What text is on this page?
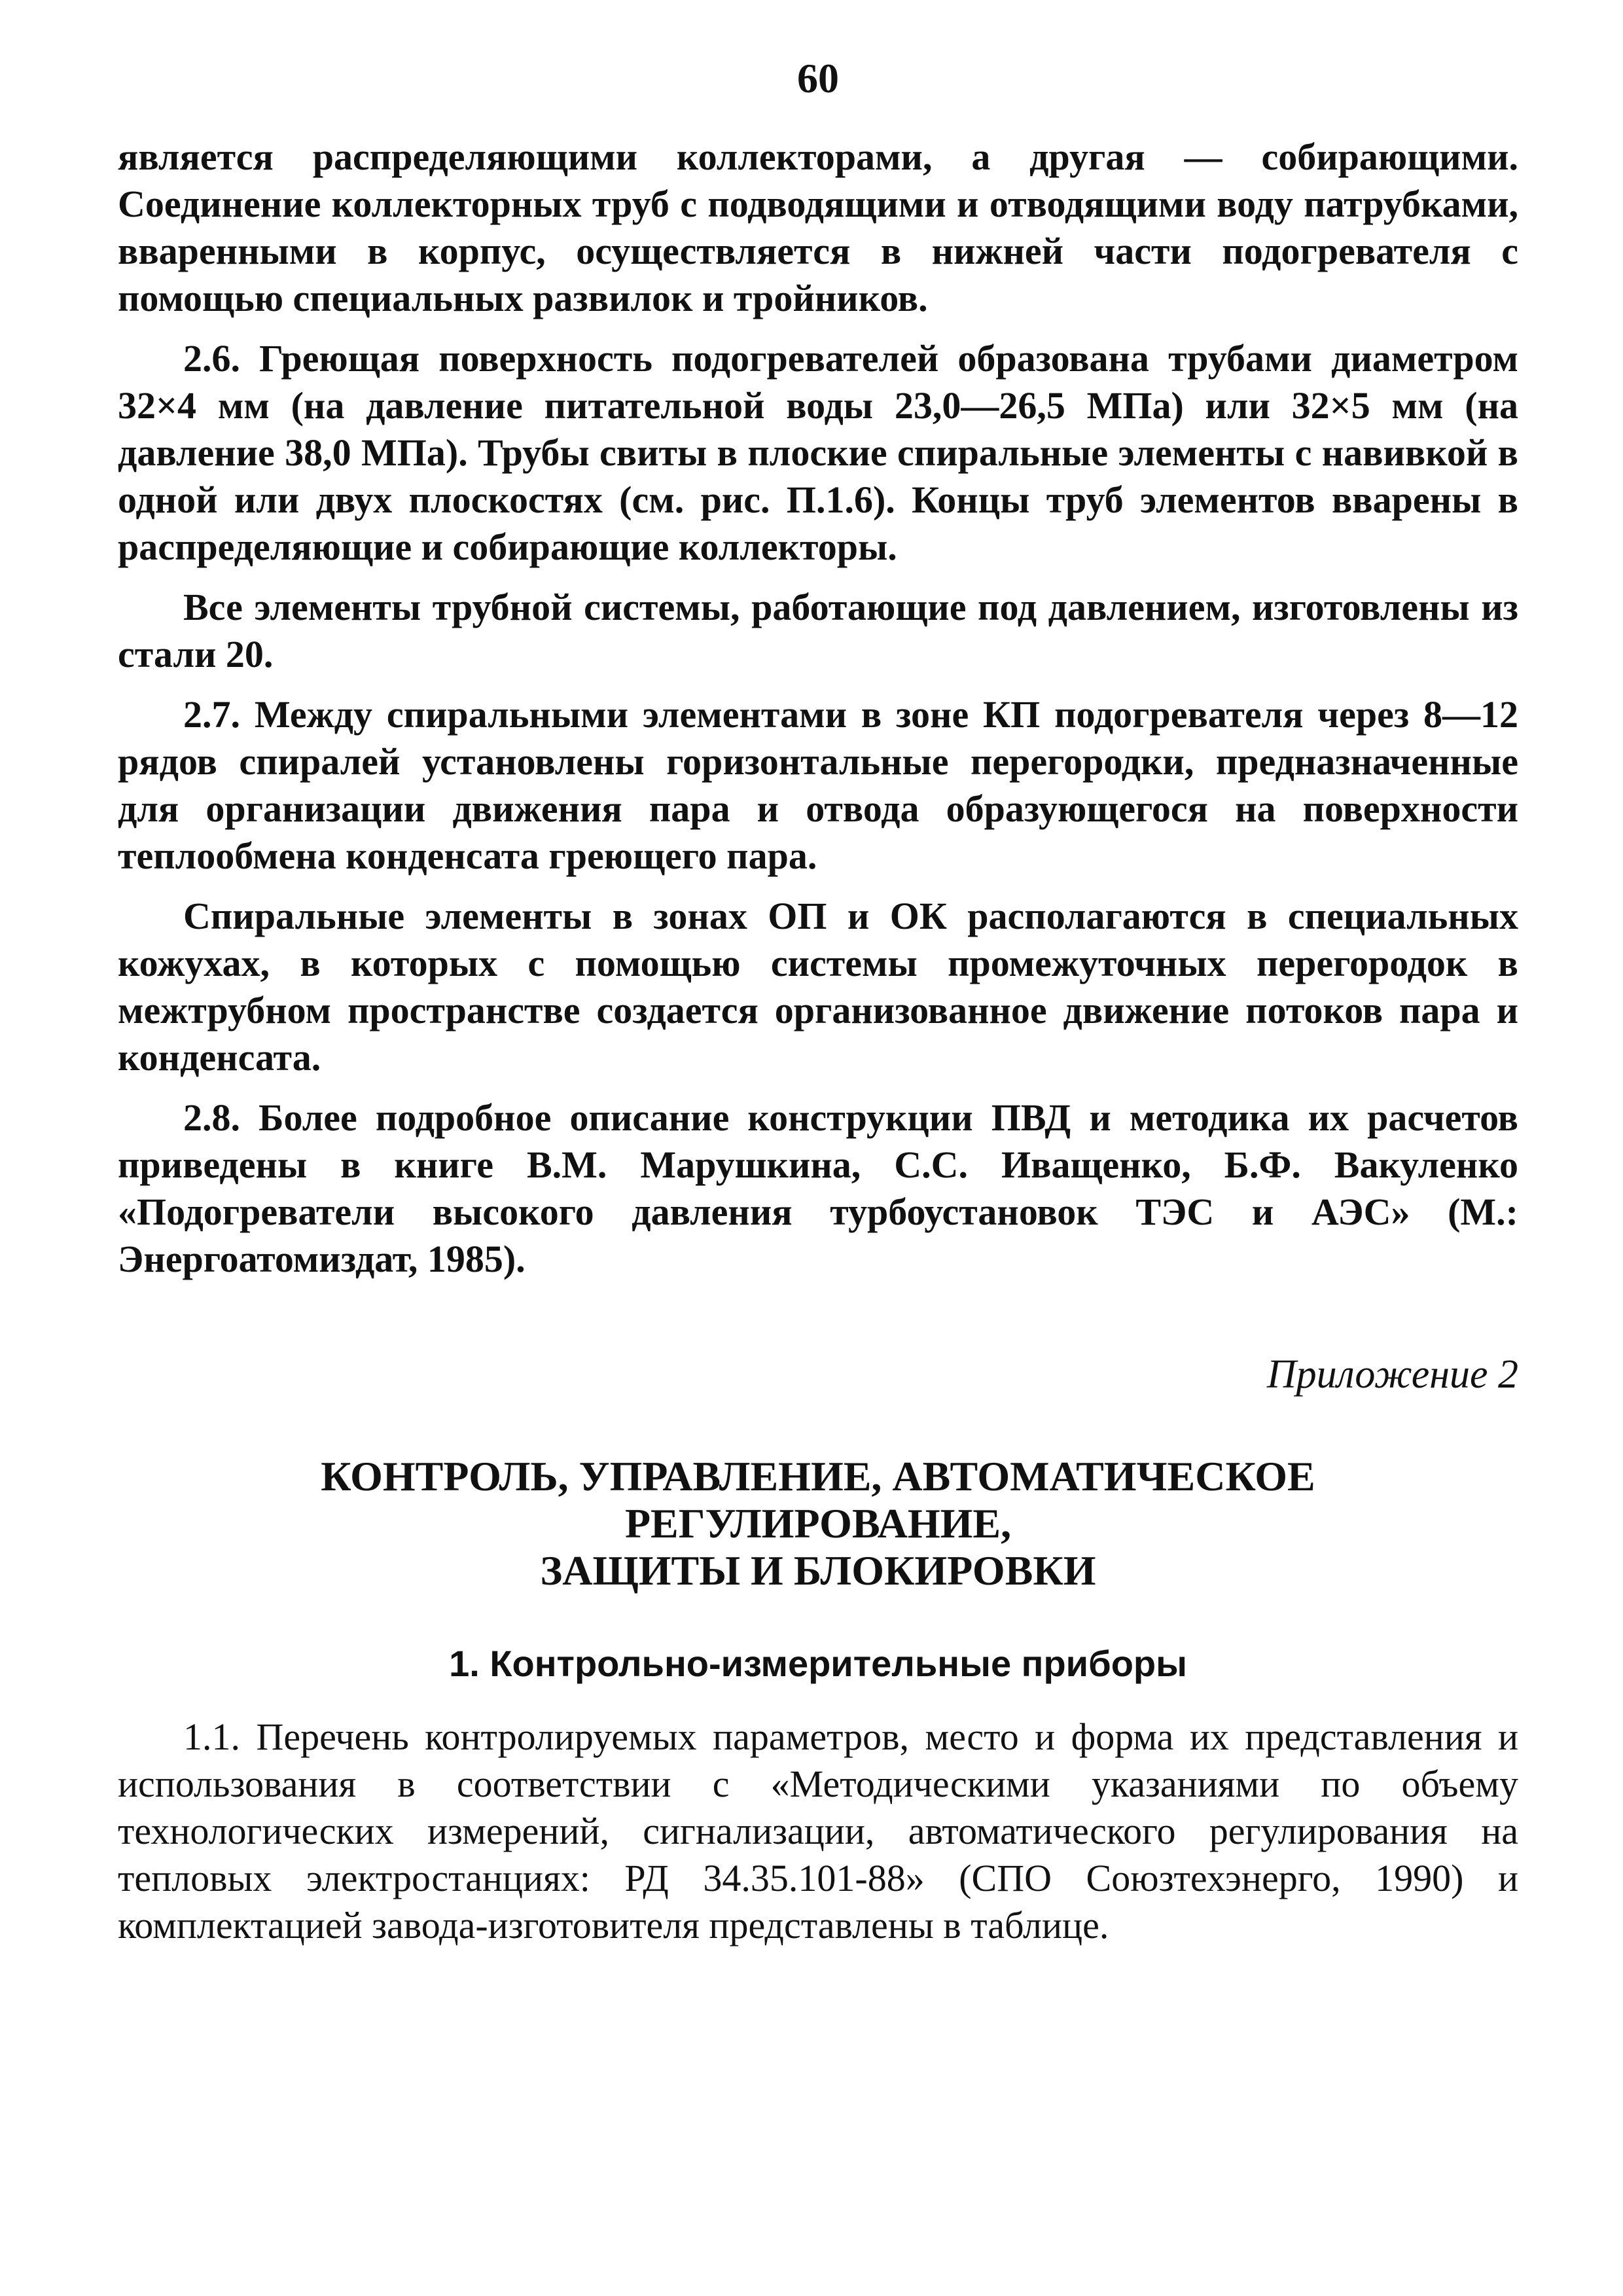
60

является распределяющими коллекторами, а другая — собирающими. Соединение коллекторных труб с подводящими и отводящими воду патрубками, вваренными в корпус, осуществляется в нижней части подогревателя с помощью специальных развилок и тройников.

2.6. Греющая поверхность подогревателей образована трубами диаметром 32×4 мм (на давление питательной воды 23,0—26,5 МПа) или 32×5 мм (на давление 38,0 МПа). Трубы свиты в плоские спиральные элементы с навивкой в одной или двух плоскостях (см. рис. П.1.6). Концы труб элементов вварены в распределяющие и собирающие коллекторы.

Все элементы трубной системы, работающие под давлением, изготовлены из стали 20.

2.7. Между спиральными элементами в зоне КП подогревателя через 8—12 рядов спиралей установлены горизонтальные перегородки, предназначенные для организации движения пара и отвода образующегося на поверхности теплообмена конденсата греющего пара.

Спиральные элементы в зонах ОП и ОК располагаются в специальных кожухах, в которых с помощью системы промежуточных перегородок в межтрубном пространстве создается организованное движение потоков пара и конденсата.

2.8. Более подробное описание конструкции ПВД и методика их расчетов приведены в книге В.М. Марушкина, С.С. Иващенко, Б.Ф. Вакуленко «Подогреватели высокого давления турбоустановок ТЭС и АЭС» (М.: Энергоатомиздат, 1985).

Приложение 2
КОНТРОЛЬ, УПРАВЛЕНИЕ, АВТОМАТИЧЕСКОЕ
РЕГУЛИРОВАНИЕ,
ЗАЩИТЫ И БЛОКИРОВКИ
1. Контрольно-измерительные приборы

1.1. Перечень контролируемых параметров, место и форма их представления и использования в соответствии с «Методическими указаниями по объему технологических измерений, сигнализации, автоматического регулирования на тепловых электростанциях: РД 34.35.101-88» (СПО Союзтехэнерго, 1990) и комплектацией завода-изготовителя представлены в таблице.
